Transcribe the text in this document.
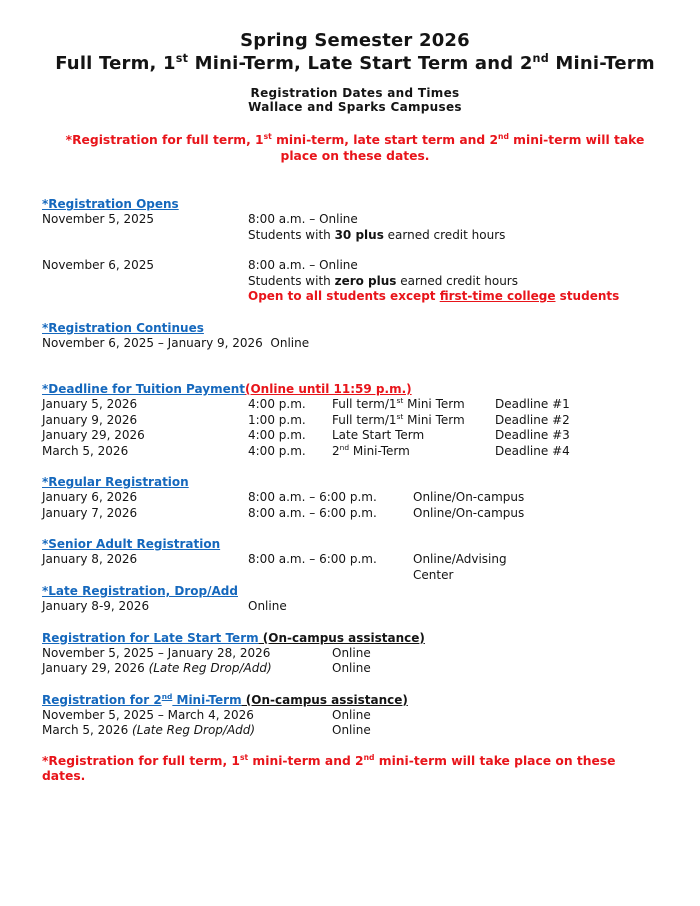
Spring Semester 2026
Full Term, 1st Mini-Term, Late Start Term and 2nd Mini-Term
Registration Dates and Times
Wallace and Sparks Campuses
*Registration for full term, 1st mini-term, late start term and 2nd mini-term will take place on these dates.
*Registration Opens
November 5, 2025	8:00 a.m. – Online
Students with 30 plus earned credit hours
November 6, 2025	8:00 a.m. – Online
Students with zero plus earned credit hours
Open to all students except first-time college students
*Registration Continues
November 6, 2025 – January 9, 2026  Online
*Deadline for Tuition Payment(Online until 11:59 p.m.)
January 5, 2026	4:00 p.m.	Full term/1st Mini Term	Deadline #1
January 9, 2026	1:00 p.m.	Full term/1st Mini Term	Deadline #2
January 29, 2026	4:00 p.m.	Late Start Term	Deadline #3
March 5, 2026	4:00 p.m.	2nd Mini-Term	Deadline #4
*Regular Registration
January 6, 2026	8:00 a.m. – 6:00 p.m.	Online/On-campus
January 7, 2026	8:00 a.m. – 6:00 p.m.	Online/On-campus
*Senior Adult Registration
January 8, 2026	8:00 a.m. – 6:00 p.m.	Online/Advising
Center
*Late Registration, Drop/Add
January 8-9, 2026	Online
Registration for Late Start Term (On-campus assistance)
November 5, 2025 – January 28, 2026	Online
January 29, 2026 (Late Reg Drop/Add)	Online
Registration for 2nd Mini-Term (On-campus assistance)
November 5, 2025 – March 4, 2026	Online
March 5, 2026 (Late Reg Drop/Add)	Online
*Registration for full term, 1st mini-term and 2nd mini-term will take place on these dates.
